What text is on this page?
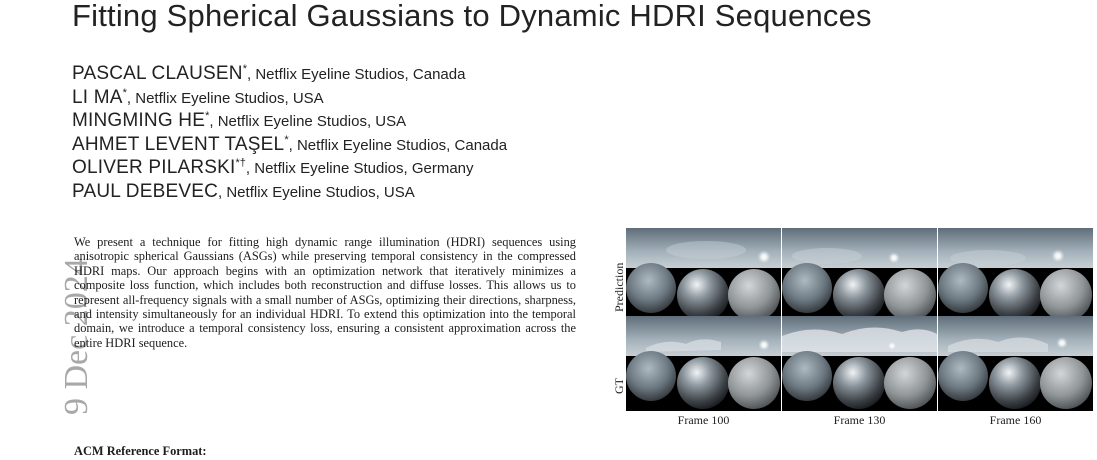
Fitting Spherical Gaussians to Dynamic HDRI Sequences
PASCAL CLAUSEN*, Netflix Eyeline Studios, Canada
LI MA*, Netflix Eyeline Studios, USA
MINGMING HE*, Netflix Eyeline Studios, USA
AHMET LEVENT TAŞEL*, Netflix Eyeline Studios, Canada
OLIVER PILARSKI*†, Netflix Eyeline Studios, Germany
PAUL DEBEVEC, Netflix Eyeline Studios, USA
9 Dec 2024

We present a technique for fitting high dynamic range illumination (HDRI) sequences using anisotropic spherical Gaussians (ASGs) while preserving temporal consistency in the compressed HDRI maps. Our approach begins with an optimization network that iteratively minimizes a composite loss function, which includes both reconstruction and diffuse losses. This allows us to represent all-frequency signals with a small number of ASGs, optimizing their directions, sharpness, and intensity simultaneously for an individual HDRI. To extend this optimization into the temporal domain, we introduce a temporal consistency loss, ensuring a consistent approximation across the entire HDRI sequence.

ACM Reference Format:

Prediction
GT
Frame 100	Frame 130	Frame 160
